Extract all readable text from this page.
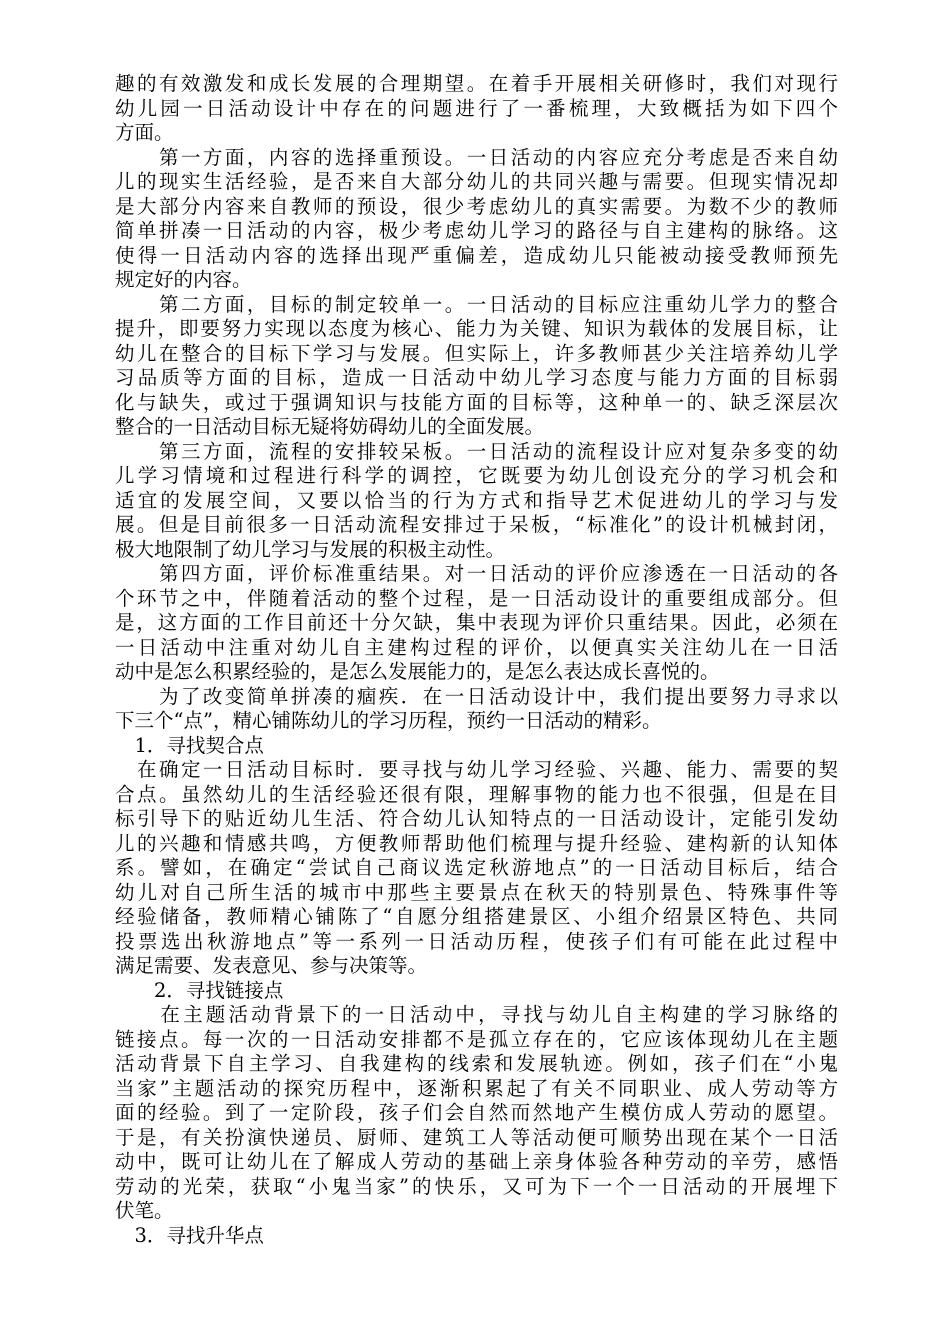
趣的有效激发和成长发展的合理期望。在着手开展相关研修时，我们对现行
幼儿园一日活动设计中存在的问题进行了一番梳理，大致概括为如下四个
方面。
　　第一方面，内容的选择重预设。一日活动的内容应充分考虑是否来自幼
儿的现实生活经验，是否来自大部分幼儿的共同兴趣与需要。但现实情况却
是大部分内容来自教师的预设，很少考虑幼儿的真实需要。为数不少的教师
简单拼凑一日活动的内容，极少考虑幼儿学习的路径与自主建构的脉络。这
使得一日活动内容的选择出现严重偏差，造成幼儿只能被动接受教师预先
规定好的内容。
　　第二方面，目标的制定较单一。一日活动的目标应注重幼儿学力的整合
提升，即要努力实现以态度为核心、能力为关键、知识为载体的发展目标，让
幼儿在整合的目标下学习与发展。但实际上，许多教师甚少关注培养幼儿学
习品质等方面的目标，造成一日活动中幼儿学习态度与能力方面的目标弱
化与缺失，或过于强调知识与技能方面的目标等，这种单一的、缺乏深层次
整合的一日活动目标无疑将妨碍幼儿的全面发展。
　　第三方面，流程的安排较呆板。一日活动的流程设计应对复杂多变的幼
儿学习情境和过程进行科学的调控，它既要为幼儿创设充分的学习机会和
适宜的发展空间，又要以恰当的行为方式和指导艺术促进幼儿的学习与发
展。但是目前很多一日活动流程安排过于呆板，“标准化”的设计机械封闭，
极大地限制了幼儿学习与发展的积极主动性。
　　第四方面，评价标准重结果。对一日活动的评价应渗透在一日活动的各
个环节之中，伴随着活动的整个过程，是一日活动设计的重要组成部分。但
是，这方面的工作目前还十分欠缺，集中表现为评价只重结果。因此，必须在
一日活动中注重对幼儿自主建构过程的评价，以便真实关注幼儿在一日活
动中是怎么积累经验的，是怎么发展能力的，是怎么表达成长喜悦的。
　　为了改变简单拼凑的痼疾．在一日活动设计中，我们提出要努力寻求以
下三个“点”，精心铺陈幼儿的学习历程，预约一日活动的精彩。
　1．寻找契合点
　在确定一日活动目标时．要寻找与幼儿学习经验、兴趣、能力、需要的契
合点。虽然幼儿的生活经验还很有限，理解事物的能力也不很强，但是在目
标引导下的贴近幼儿生活、符合幼儿认知特点的一日活动设计，定能引发幼
儿的兴趣和情感共鸣，方便教师帮助他们梳理与提升经验、建构新的认知体
系。譬如，在确定“尝试自己商议选定秋游地点”的一日活动目标后，结合
幼儿对自己所生活的城市中那些主要景点在秋天的特别景色、特殊事件等
经验储备，教师精心铺陈了“自愿分组搭建景区、小组介绍景区特色、共同
投票选出秋游地点”等一系列一日活动历程，使孩子们有可能在此过程中
满足需要、发表意见、参与决策等。
　　2．寻找链接点
　　在主题活动背景下的一日活动中，寻找与幼儿自主构建的学习脉络的
链接点。每一次的一日活动安排都不是孤立存在的，它应该体现幼儿在主题
活动背景下自主学习、自我建构的线索和发展轨迹。例如，孩子们在“小鬼
当家”主题活动的探究历程中，逐渐积累起了有关不同职业、成人劳动等方
面的经验。到了一定阶段，孩子们会自然而然地产生模仿成人劳动的愿望。
于是，有关扮演快递员、厨师、建筑工人等活动便可顺势出现在某个一日活
动中，既可让幼儿在了解成人劳动的基础上亲身体验各种劳动的辛劳，感悟
劳动的光荣，获取“小鬼当家”的快乐，又可为下一个一日活动的开展埋下
伏笔。
　3．寻找升华点
